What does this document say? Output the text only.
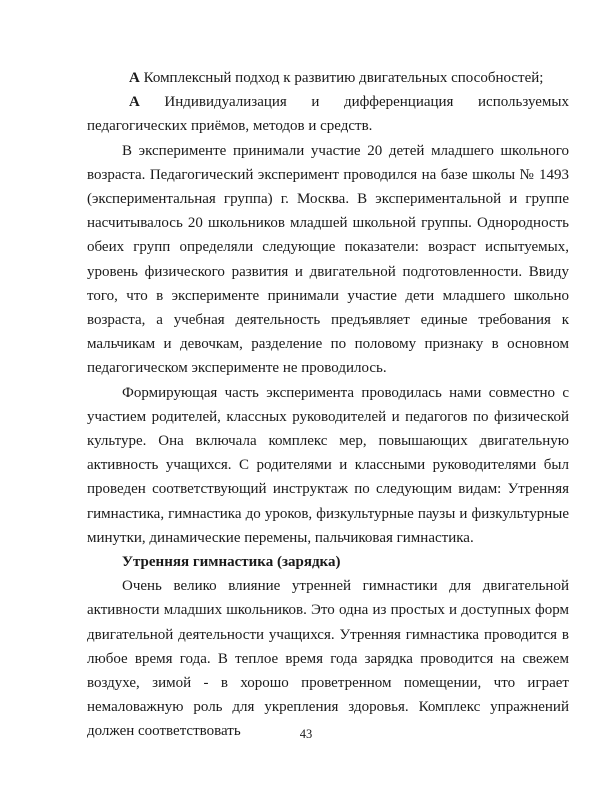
А Комплексный подход к развитию двигательных способностей;

А Индивидуализация и дифференциация используемых педагогических приёмов, методов и средств.

В эксперименте принимали участие 20 детей младшего школьного возраста. Педагогический эксперимент проводился на базе школы № 1493 (экспериментальная группа) г. Москва. В экспериментальной и группе насчитывалось 20 школьников младшей школьной группы. Однородность обеих групп определяли следующие показатели: возраст испытуемых, уровень физического развития и двигательной подготовленности. Ввиду того, что в эксперименте принимали участие дети младшего школьно возраста, а учебная деятельность предъявляет единые требования к мальчикам и девочкам, разделение по половому признаку в основном педагогическом эксперименте не проводилось.

Формирующая часть эксперимента проводилась нами совместно с участием родителей, классных руководителей и педагогов по физической культуре. Она включала комплекс мер, повышающих двигательную активность учащихся. С родителями и классными руководителями был проведен соответствующий инструктаж по следующим видам: Утренняя гимнастика, гимнастика до уроков, физкультурные паузы и физкультурные минутки, динамические перемены, пальчиковая гимнастика.

Утренняя гимнастика (зарядка)

Очень велико влияние утренней гимнастики для двигательной активности младших школьников. Это одна из простых и доступных форм двигательной деятельности учащихся. Утренняя гимнастика проводится в любое время года. В теплое время года зарядка проводится на свежем воздухе, зимой - в хорошо проветренном помещении, что играет немаловажную роль для укрепления здоровья. Комплекс упражнений должен соответствовать	43
